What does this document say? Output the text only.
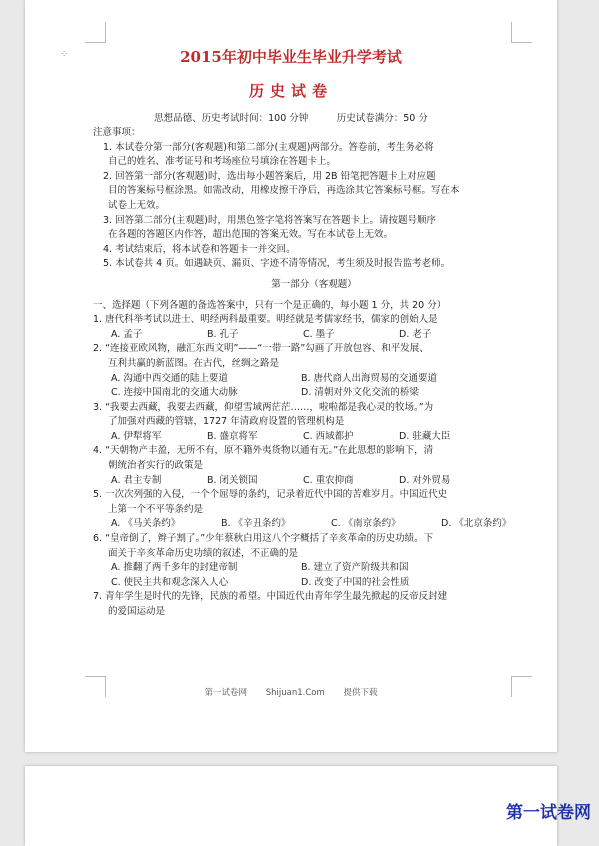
⁘	2015年初中毕业生毕业升学考试
历史试卷
思想品德、历史考试时间：100 分钟　　　历史试卷满分：50 分

注意事项：

1. 本试卷分第一部分(客观题)和第二部分(主观题)两部分。答卷前，考生务必将

自己的姓名、准考证号和考场座位号填涂在答题卡上。

2. 回答第一部分(客观题)时，选出每小题答案后，用 2B 铅笔把答题卡上对应题

目的答案标号框涂黑。如需改动，用橡皮擦干净后，再选涂其它答案标号框。写在本

试卷上无效。

3. 回答第二部分(主观题)时，用黑色签字笔将答案写在答题卡上。请按题号顺序

在各题的答题区内作答，超出范围的答案无效。写在本试卷上无效。

4. 考试结束后，将本试卷和答题卡一并交回。

5. 本试卷共 4 页。如遇缺页、漏页、字迹不清等情况，考生须及时报告监考老师。

第一部分（客观题）

一、选择题（下列各题的备选答案中，只有一个是正确的，每小题 1 分，共 20 分）

1. 唐代科举考试以进士、明经两科最重要。明经就是考儒家经书，儒家的创始人是

A. 孟子	B. 孔子	C. 墨子	D. 老子

2. “连接亚欧风物，融汇东西文明”——“一带一路”勾画了开放包容、和平发展、

互利共赢的新蓝图。在古代，丝绸之路是

A. 沟通中西交通的陆上要道	B. 唐代商人出海贸易的交通要道
C. 连接中国南北的交通大动脉	D. 清朝对外文化交流的桥梁

3. “我要去西藏，我要去西藏，仰望雪域两茫茫……，啦啦都是我心灵的牧场。”为

了加强对西藏的管辖，1727 年清政府设置的管理机构是

A. 伊犁将军	B. 盛京将军	C. 西域都护	D. 驻藏大臣

4. “天朝物产丰盈，无所不有，原不籍外夷货物以通有无。”在此思想的影响下，清

朝统治者实行的政策是

A. 君主专制	B. 闭关锁国	C. 重农抑商	D. 对外贸易

5. 一次次列强的入侵，一个个屈辱的条约，记录着近代中国的苦难岁月。中国近代史

上第一个不平等条约是

A. 《马关条约》	B. 《辛丑条约》	C. 《南京条约》	D. 《北京条约》

6. “皇帝倒了，辫子割了。”少年蔡秋白用这八个字概括了辛亥革命的历史功绩。下

面关于辛亥革命历史功绩的叙述，不正确的是

A. 推翻了两千多年的封建帝制	B. 建立了资产阶级共和国
C. 使民主共和观念深入人心	D. 改变了中国的社会性质

7. 青年学生是时代的先锋，民族的希望。中国近代由青年学生最先掀起的反帝反封建

的爱国运动是

第一试卷网 Shijuan1.Com 提供下载
第一试卷网
